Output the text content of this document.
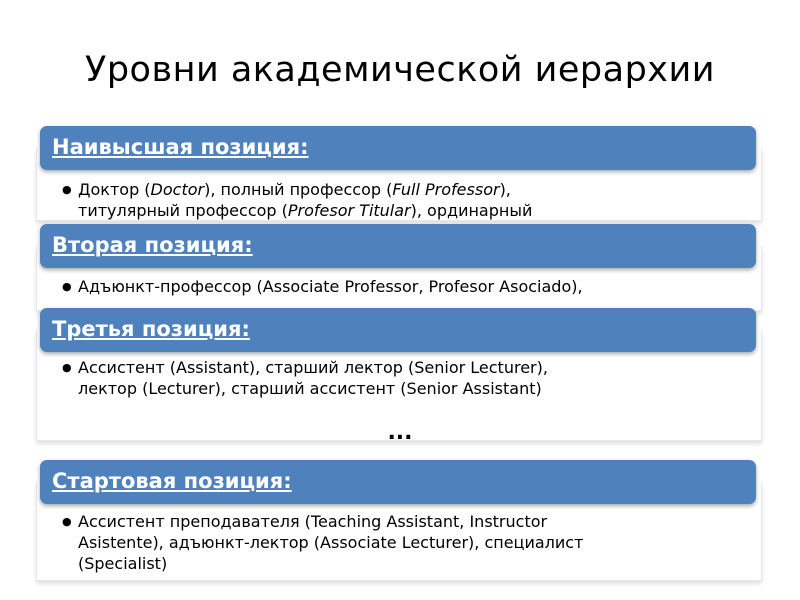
Уровни академической иерархии
Наивысшая позиция:
● Доктор (Doctor), полный профессор (Full Professor),
титулярный профессор (Profesor Titular), ординарный
Вторая позиция:
● Адъюнкт-профессор (Associate Professor, Profesor Asociado),
Третья позиция:
● Ассистент (Assistant), старший лектор (Senior Lecturer),
лектор (Lecturer), старший ассистент (Senior Assistant)
...
Стартовая позиция:
● Ассистент преподавателя (Teaching Assistant, Instructor
Asistente), адъюнкт-лектор (Associate Lecturer), специалист
(Specialist)
